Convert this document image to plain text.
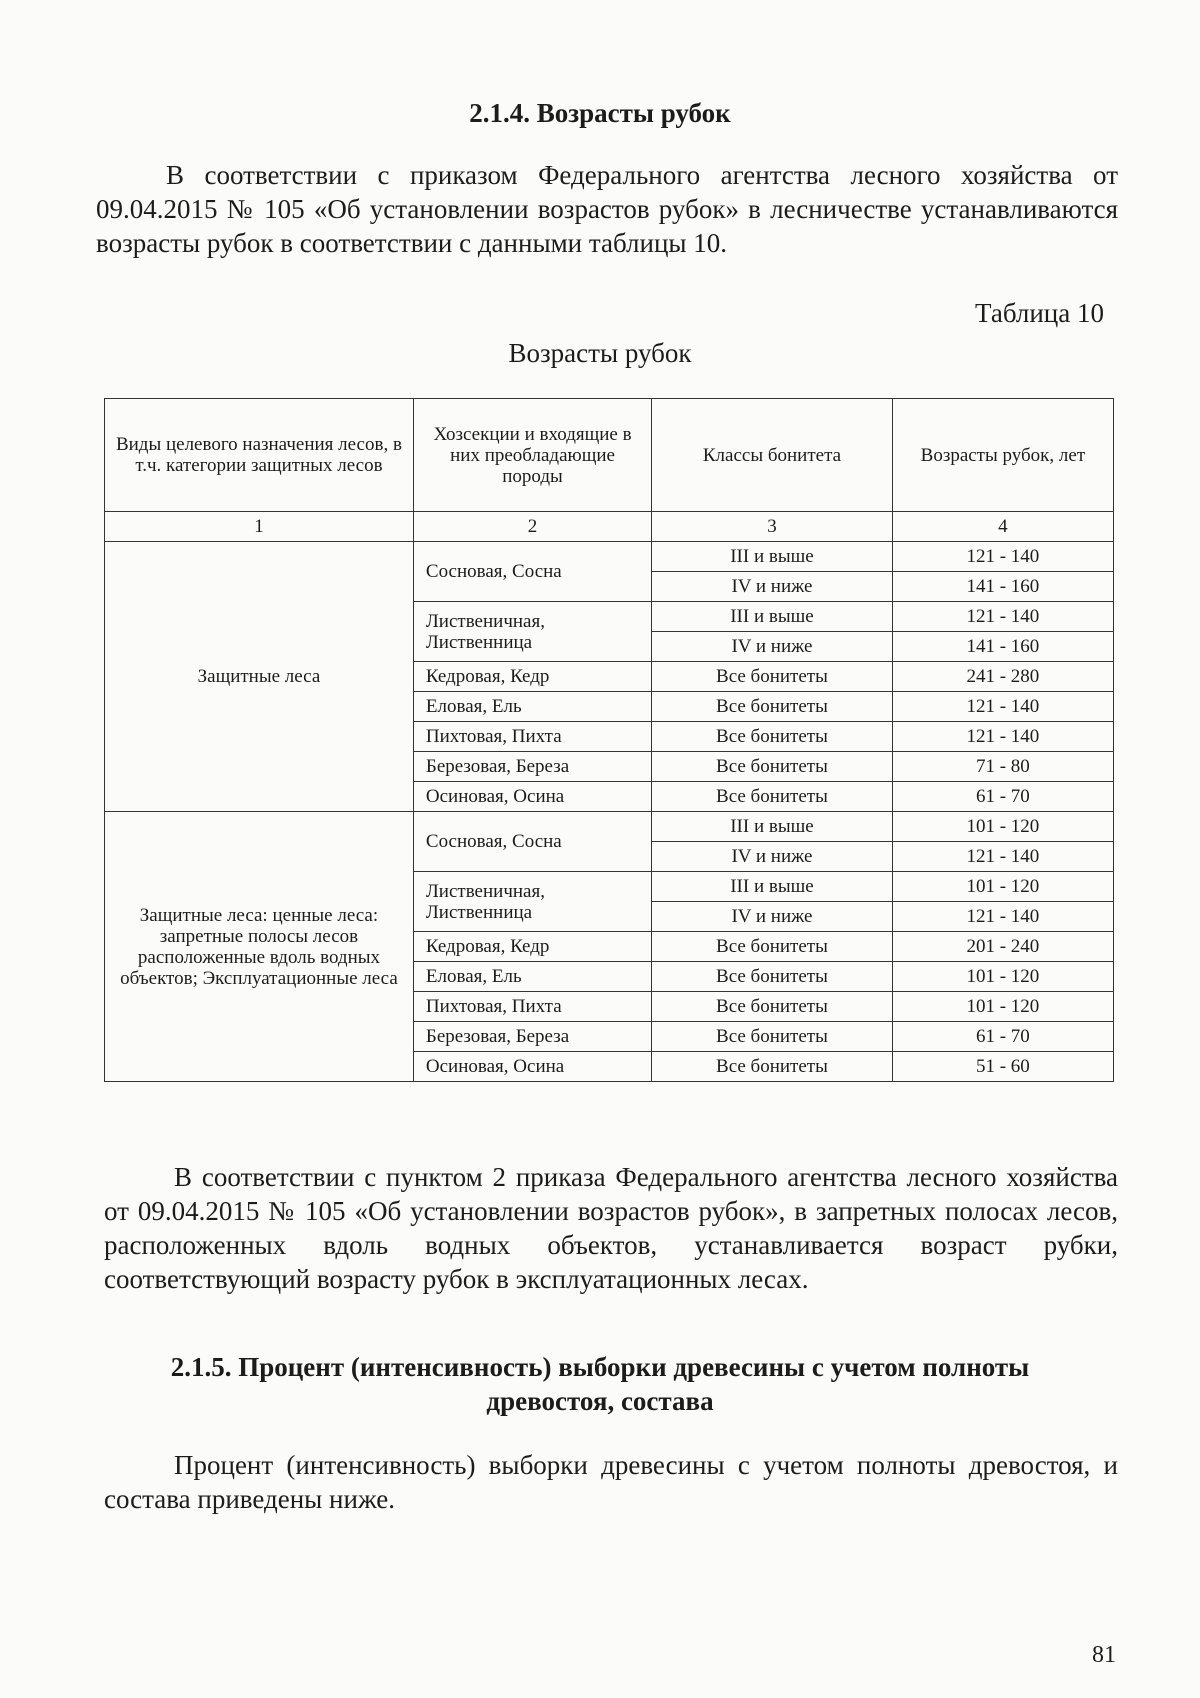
2.1.4. Возрасты рубок

В соответствии с приказом Федерального агентства лесного хозяйства от 09.04.2015 № 105 «Об установлении возрастов рубок» в лесничестве устанавливаются возрасты рубок в соответствии с данными таблицы 10.

Таблица 10
Возрасты рубок
Виды целевого назначения лесов, в т.ч. категории защитных лесов	Хозсекции и входящие в них преобладающие породы	Классы бонитета	Возрасты рубок, лет
1	2	3	4
Защитные леса	Сосновая, Сосна	III и выше	121 - 140
		IV и ниже	141 - 160
	Лиственичная, Лиственница	III и выше	121 - 140
		IV и ниже	141 - 160
	Кедровая, Кедр	Все бонитеты	241 - 280
	Еловая, Ель	Все бонитеты	121 - 140
	Пихтовая, Пихта	Все бонитеты	121 - 140
	Березовая, Береза	Все бонитеты	71 - 80
	Осиновая, Осина	Все бонитеты	61 - 70
Защитные леса: ценные леса: запретные полосы лесов расположенные вдоль водных объектов; Эксплуатационные леса	Сосновая, Сосна	III и выше	101 - 120
		IV и ниже	121 - 140
	Лиственичная, Лиственница	III и выше	101 - 120
		IV и ниже	121 - 140
	Кедровая, Кедр	Все бонитеты	201 - 240
	Еловая, Ель	Все бонитеты	101 - 120
	Пихтовая, Пихта	Все бонитеты	101 - 120
	Березовая, Береза	Все бонитеты	61 - 70
	Осиновая, Осина	Все бонитеты	51 - 60

В соответствии с пунктом 2 приказа Федерального агентства лесного хозяйства от 09.04.2015 № 105 «Об установлении возрастов рубок», в запретных полосах лесов, расположенных вдоль водных объектов, устанавливается возраст рубки, соответствующий возрасту рубок в эксплуатационных лесах.

2.1.5. Процент (интенсивность) выборки древесины с учетом полноты
древостоя, состава

Процент (интенсивность) выборки древесины с учетом полноты древостоя, и состава приведены ниже.

81
